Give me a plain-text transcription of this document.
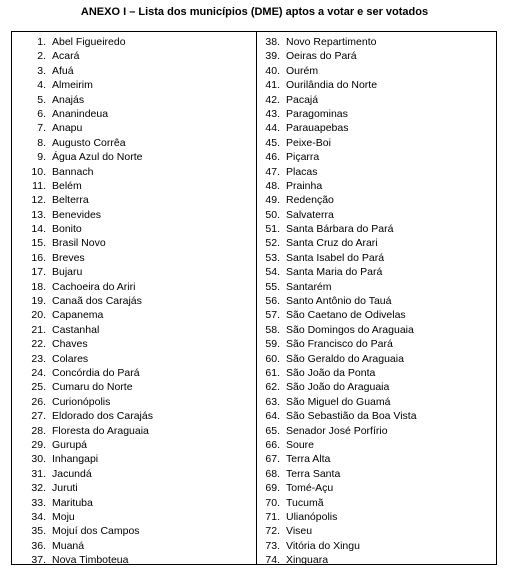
ANEXO I – Lista dos municípios (DME) aptos a votar e ser votados
1. Abel Figueiredo
2. Acará
3. Afuá
4. Almeirim
5. Anajás
6. Ananindeua
7. Anapu
8. Augusto Corrêa
9. Água Azul do Norte
10. Bannach
11. Belém
12. Belterra
13. Benevides
14. Bonito
15. Brasil Novo
16. Breves
17. Bujaru
18. Cachoeira do Ariri
19. Canaã dos Carajás
20. Capanema
21. Castanhal
22. Chaves
23. Colares
24. Concórdia do Pará
25. Cumaru do Norte
26. Curionópolis
27. Eldorado dos Carajás
28. Floresta do Araguaia
29. Gurupá
30. Inhangapi
31. Jacundá
32. Juruti
33. Marituba
34. Moju
35. Mojuí dos Campos
36. Muaná
37. Nova Timboteua
38. Novo Repartimento
39. Oeiras do Pará
40. Ourém
41. Ourilândia do Norte
42. Pacajá
43. Paragominas
44. Parauapebas
45. Peixe-Boi
46. Piçarra
47. Placas
48. Prainha
49. Redenção
50. Salvaterra
51. Santa Bárbara do Pará
52. Santa Cruz do Arari
53. Santa Isabel do Pará
54. Santa Maria do Pará
55. Santarém
56. Santo Antônio do Tauá
57. São Caetano de Odivelas
58. São Domingos do Araguaia
59. São Francisco do Pará
60. São Geraldo do Araguaia
61. São João da Ponta
62. São João do Araguaia
63. São Miguel do Guamá
64. São Sebastião da Boa Vista
65. Senador José Porfírio
66. Soure
67. Terra Alta
68. Terra Santa
69. Tomé-Açu
70. Tucumã
71. Ulianópolis
72. Viseu
73. Vitória do Xingu
74. Xinguara
